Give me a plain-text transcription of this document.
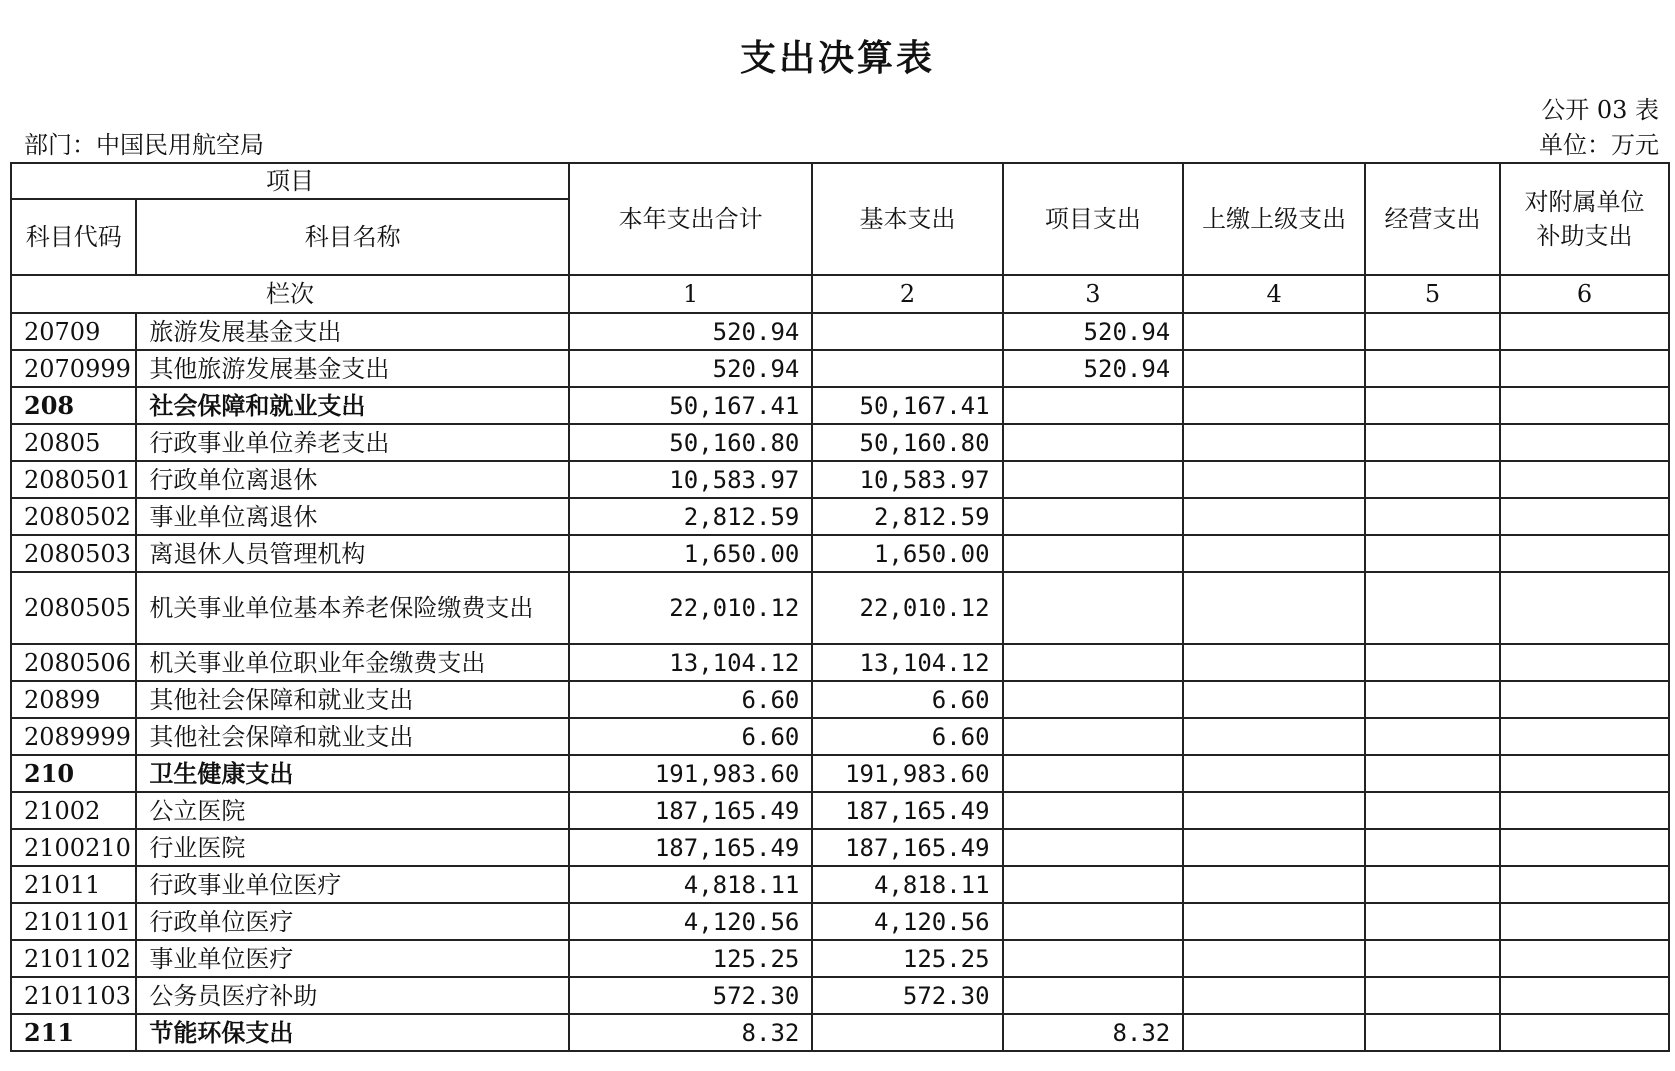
支出决算表
公开 03 表
部门：中国民用航空局	单位：万元
项目		本年支出合计	基本支出	项目支出	上缴上级支出	经营支出	对附属单位补助支出
科目代码	科目名称						
栏次		1	2	3	4	5	6
20709	旅游发展基金支出	520.94		520.94			
2070999	其他旅游发展基金支出	520.94		520.94			
208	社会保障和就业支出	50,167.41	50,167.41				
20805	行政事业单位养老支出	50,160.80	50,160.80				
2080501	行政单位离退休	10,583.97	10,583.97				
2080502	事业单位离退休	2,812.59	2,812.59				
2080503	离退休人员管理机构	1,650.00	1,650.00				
2080505	机关事业单位基本养老保险缴费支出	22,010.12	22,010.12				
2080506	机关事业单位职业年金缴费支出	13,104.12	13,104.12				
20899	其他社会保障和就业支出	6.60	6.60				
2089999	其他社会保障和就业支出	6.60	6.60				
210	卫生健康支出	191,983.60	191,983.60				
21002	公立医院	187,165.49	187,165.49				
2100210	行业医院	187,165.49	187,165.49				
21011	行政事业单位医疗	4,818.11	4,818.11				
2101101	行政单位医疗	4,120.56	4,120.56				
2101102	事业单位医疗	125.25	125.25				
2101103	公务员医疗补助	572.30	572.30				
211	节能环保支出	8.32		8.32			
